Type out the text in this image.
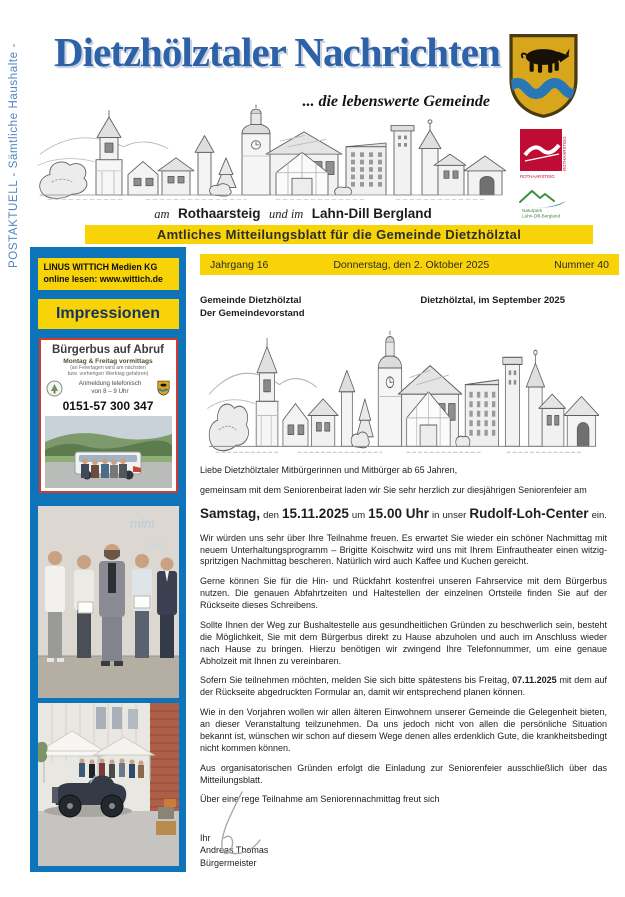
POSTAKTUELL - Sämtliche Haushalte - Dietzhölztaler Nachrichten
... die lebenswerte Gemeinde
ROTHAARSTEIG
ROTHAARSTEIG
Naturpark
Lahn-Dill-Bergland
am Rothaarsteig und im Lahn-Dill Bergland
Amtliches Mitteilungsblatt für die Gemeinde Dietzhölztal
Jahrgang 16	Donnerstag, den 2. Oktober 2025	Nummer 40
LINUS WITTICH Medien KG
online lesen: www.wittich.de
Impressionen
Bürgerbus auf Abruf
Montag & Freitag vormittags
(an Feiertagen wird am nächsten
bzw. vorherigen Werktag gefahren)
Anmeldung telefonisch
von 8 – 9 Uhr
0151-57 300 347
mint
mint
Gemeinde Dietzhölztal
Der Gemeindevorstand
Dietzhölztal, im September 2025

Liebe Dietzhölztaler Mitbürgerinnen und Mitbürger ab 65 Jahren,

gemeinsam mit dem Seniorenbeirat laden wir Sie sehr herzlich zur diesjährigen Seniorenfeier am

Samstag, den 15.11.2025 um 15.00 Uhr in unser Rudolf-Loh-Center ein.

Wir würden uns sehr über Ihre Teilnahme freuen. Es erwartet Sie wieder ein schöner Nachmittag mit neuem Unterhaltungsprogramm – Brigitte Koischwitz wird uns mit Ihrem Einfrautheater einen witzig-spritzigen Nachmittag bescheren. Natürlich wird auch Kaffee und Kuchen gereicht.

Gerne können Sie für die Hin- und Rückfahrt kostenfrei unseren Fahrservice mit dem Bürgerbus nutzen. Die genauen Abfahrtzeiten und Haltestellen der einzelnen Ortsteile finden Sie auf der Rückseite dieses Schreibens.

Sollte Ihnen der Weg zur Bushaltestelle aus gesundheitlichen Gründen zu beschwerlich sein, besteht die Möglichkeit, Sie mit dem Bürgerbus direkt zu Hause abzuholen und auch im Anschluss wieder nach Hause zu bringen. Hierzu benötigen wir zwingend Ihre Telefonnummer, um eine genaue Abholzeit mit Ihnen zu vereinbaren.

Sofern Sie teilnehmen möchten, melden Sie sich bitte spätestens bis Freitag, 07.11.2025 mit dem auf der Rückseite abgedruckten Formular an, damit wir entsprechend planen können.

Wie in den Vorjahren wollen wir allen älteren Einwohnern unserer Gemeinde die Gelegenheit bieten, an dieser Veranstaltung teilzunehmen. Da uns jedoch nicht von allen die persönliche Situation bekannt ist, wünschen wir schon auf diesem Wege denen alles erdenklich Gute, die krankheitsbedingt nicht kommen können.

Aus organisatorischen Gründen erfolgt die Einladung zur Seniorenfeier ausschließlich über das Mitteilungsblatt.

Über eine rege Teilnahme am Seniorennachmittag freut sich

Ihr
Andreas Thomas
Bürgermeister
